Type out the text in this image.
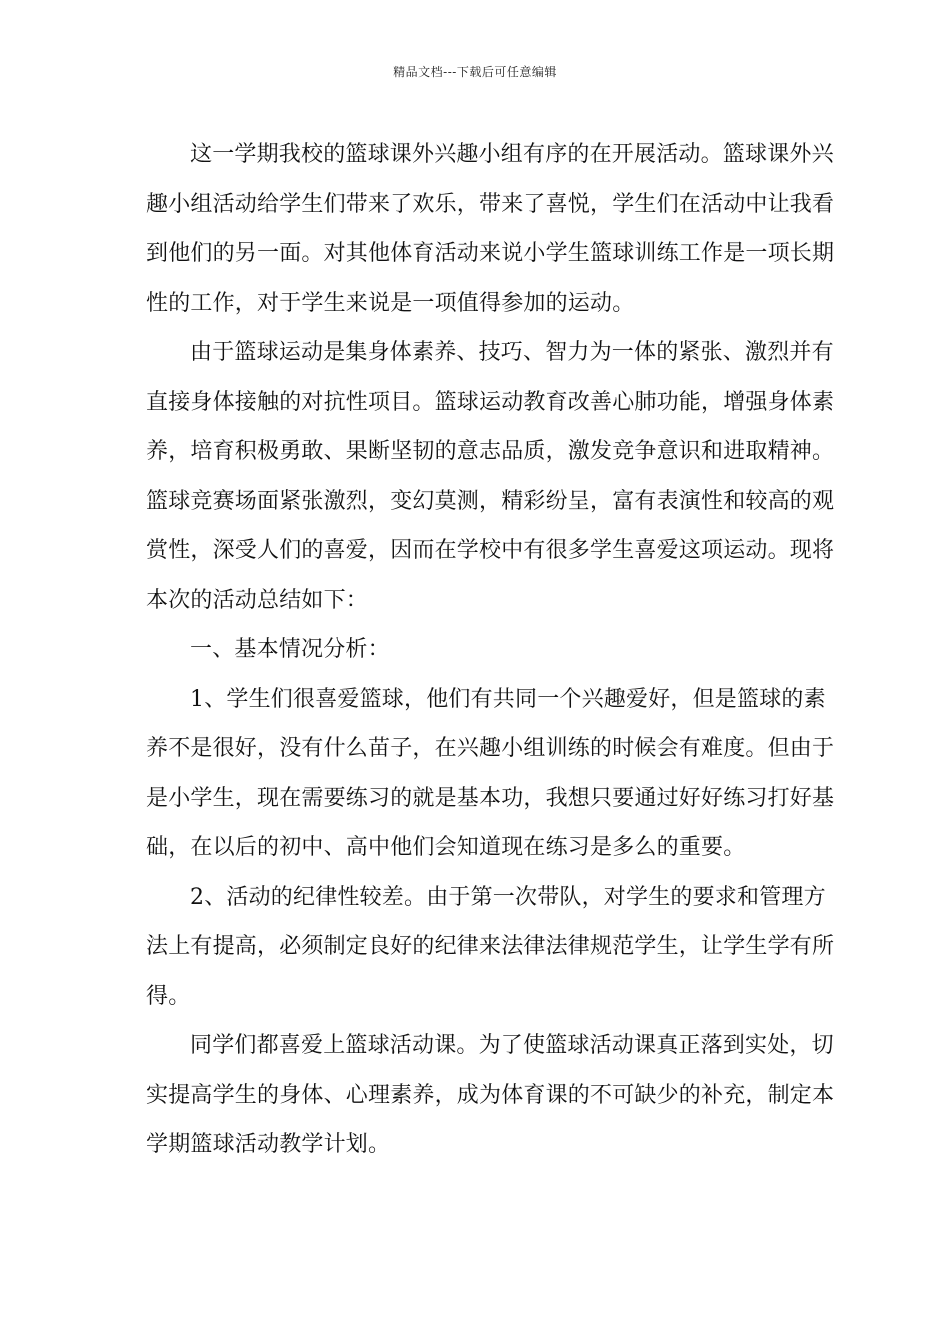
精品文档---下载后可任意编辑

这一学期我校的篮球课外兴趣小组有序的在开展活动。篮球课外兴趣小组活动给学生们带来了欢乐，带来了喜悦，学生们在活动中让我看到他们的另一面。对其他体育活动来说小学生篮球训练工作是一项长期性的工作，对于学生来说是一项值得参加的运动。

由于篮球运动是集身体素养、技巧、智力为一体的紧张、激烈并有直接身体接触的对抗性项目。篮球运动教育改善心肺功能，增强身体素养，培育积极勇敢、果断坚韧的意志品质，激发竞争意识和进取精神。篮球竞赛场面紧张激烈，变幻莫测，精彩纷呈，富有表演性和较高的观赏性，深受人们的喜爱，因而在学校中有很多学生喜爱这项运动。现将本次的活动总结如下：

一、基本情况分析：

1、学生们很喜爱篮球，他们有共同一个兴趣爱好，但是篮球的素养不是很好，没有什么苗子，在兴趣小组训练的时候会有难度。但由于是小学生，现在需要练习的就是基本功，我想只要通过好好练习打好基础，在以后的初中、高中他们会知道现在练习是多么的重要。

2、活动的纪律性较差。由于第一次带队，对学生的要求和管理方法上有提高，必须制定良好的纪律来法律法律规范学生，让学生学有所得。

同学们都喜爱上篮球活动课。为了使篮球活动课真正落到实处，切实提高学生的身体、心理素养，成为体育课的不可缺少的补充，制定本学期篮球活动教学计划。
